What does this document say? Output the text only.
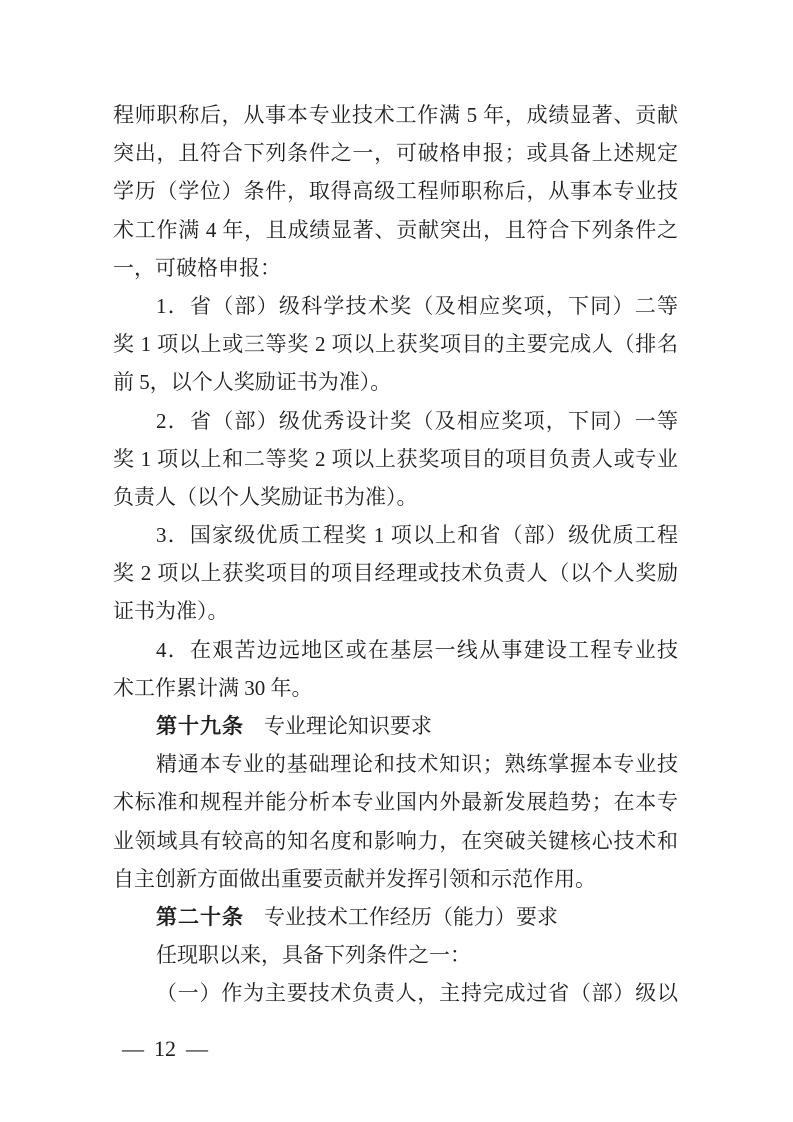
程师职称后，从事本专业技术工作满 5 年，成绩显著、贡献
突出，且符合下列条件之一，可破格申报；或具备上述规定
学历（学位）条件，取得高级工程师职称后，从事本专业技
术工作满 4 年，且成绩显著、贡献突出，且符合下列条件之
一，可破格申报：
1．省（部）级科学技术奖（及相应奖项，下同）二等
奖 1 项以上或三等奖 2 项以上获奖项目的主要完成人（排名
前 5，以个人奖励证书为准）。
2．省（部）级优秀设计奖（及相应奖项，下同）一等
奖 1 项以上和二等奖 2 项以上获奖项目的项目负责人或专业
负责人（以个人奖励证书为准）。
3．国家级优质工程奖 1 项以上和省（部）级优质工程
奖 2 项以上获奖项目的项目经理或技术负责人（以个人奖励
证书为准）。
4．在艰苦边远地区或在基层一线从事建设工程专业技
术工作累计满 30 年。
第十九条 专业理论知识要求
精通本专业的基础理论和技术知识；熟练掌握本专业技
术标准和规程并能分析本专业国内外最新发展趋势；在本专
业领域具有较高的知名度和影响力，在突破关键核心技术和
自主创新方面做出重要贡献并发挥引领和示范作用。
第二十条 专业技术工作经历（能力）要求
任现职以来，具备下列条件之一：
（一）作为主要技术负责人，主持完成过省（部）级以
— 12 —
